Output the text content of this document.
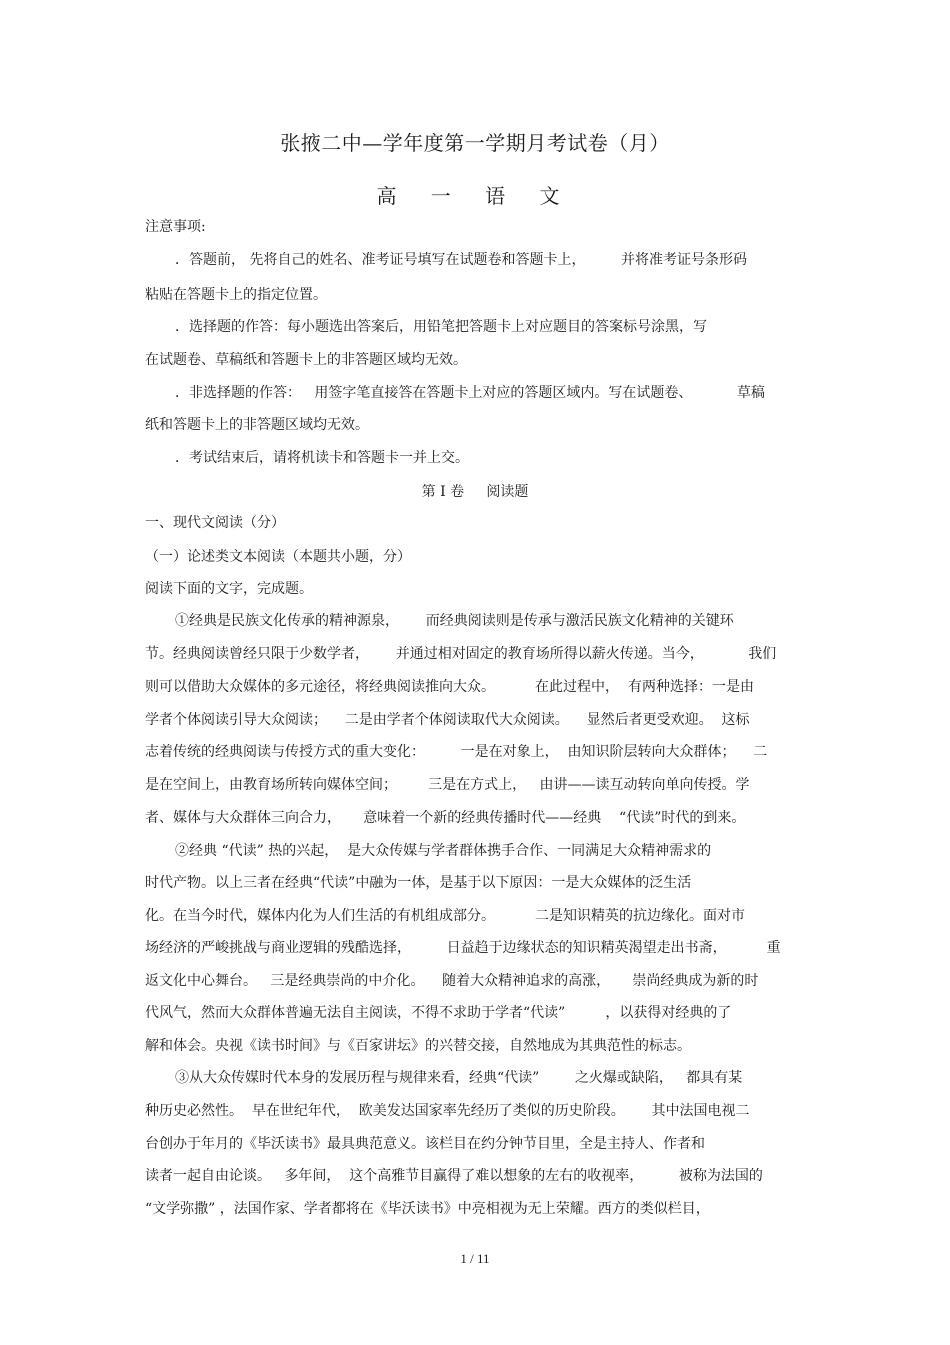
张掖二中—学年度第一学期月考试卷（月）
高 一 语 文
注意事项:
．答题前， 先将自己的姓名、准考证号填写在试题卷和答题卡上，        并将准考证号条形码
粘贴在答题卡上的指定位置。
．选择题的作答：每小题选出答案后，用铅笔把答题卡上对应题目的答案标号涂黑，写
在试题卷、草稿纸和答题卡上的非答题区域均无效。
．非选择题的作答：   用签字笔直接答在答题卡上对应的答题区域内。写在试题卷、          草稿
纸和答题卡上的非答题区域均无效。
．考试结束后，请将机读卡和答题卡一并上交。
第 I 卷     阅读题
一、现代文阅读（分）
（一）论述类文本阅读（本题共小题，分）
阅读下面的文字，完成题。
①经典是民族文化传承的精神源泉，      而经典阅读则是传承与激活民族文化精神的关键环
节。经典阅读曾经只限于少数学者，      并通过相对固定的教育场所得以薪火传递。当今，          我们
则可以借助大众媒体的多元途径，将经典阅读推向大众。         在此过程中，  有两种选择：一是由
学者个体阅读引导大众阅读；    二是由学者个体阅读取代大众阅读。    显然后者更受欢迎。  这标
志着传统的经典阅读与传授方式的重大变化：        一是在对象上，  由知识阶层转向大众群体；    二
是在空间上，由教育场所转向媒体空间；       三是在方式上，   由讲——读互动转向单向传授。学
者、媒体与大众群体三向合力，     意味着一个新的经典传播时代——经典    “代读”时代的到来。
②经典 “代读” 热的兴起，  是大众传媒与学者群体携手合作、一同满足大众精神需求的
时代产物。以上三者在经典“代读”中融为一体，是基于以下原因：一是大众媒体的泛生活
化。在当今时代，媒体内化为人们生活的有机组成部分。         二是知识精英的抗边缘化。面对市
场经济的严峻挑战与商业逻辑的残酷选择，        日益趋于边缘状态的知识精英渴望走出书斋，         重
返文化中心舞台。   三是经典崇尚的中介化。    随着大众精神追求的高涨，     崇尚经典成为新的时
代风气，然而大众群体普遍无法自主阅读，不得不求助于学者“代读”         ，以获得对经典的了
解和体会。央视《读书时间》与《百家讲坛》的兴替交接，自然地成为其典范性的标志。
③从大众传媒时代本身的发展历程与规律来看，经典“代读”        之火爆或缺陷，   都具有某
种历史必然性。  早在世纪年代，  欧美发达国家率先经历了类似的历史阶段。      其中法国电视二
台创办于年月的《毕沃读书》最具典范意义。该栏目在约分钟节目里，全是主持人、作者和
读者一起自由论谈。   多年间，  这个高雅节目赢得了难以想象的左右的收视率，        被称为法国的
“文学弥撒” ，法国作家、学者都将在《毕沃读书》中亮相视为无上荣耀。西方的类似栏目，
1 / 11
